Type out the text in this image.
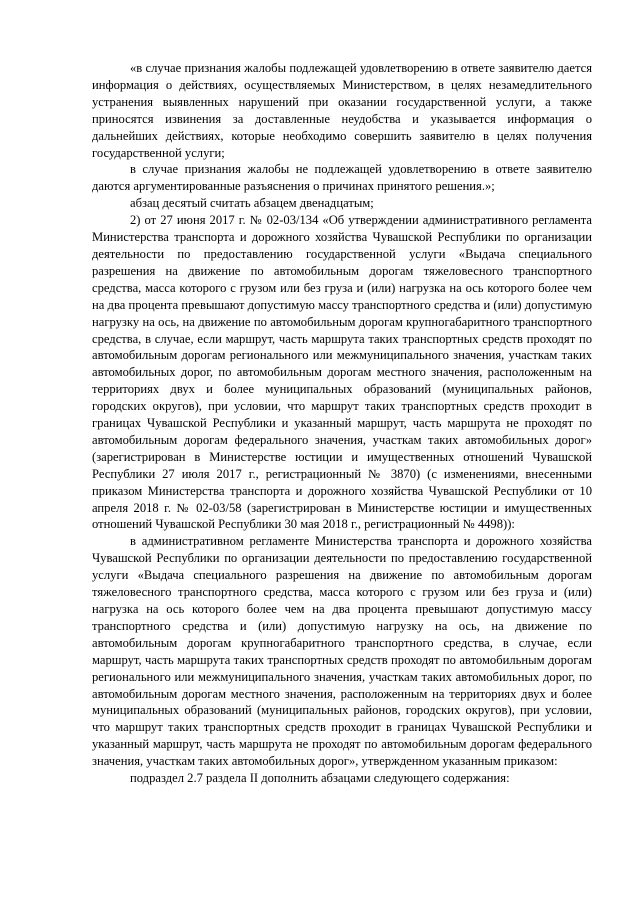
«в случае признания жалобы подлежащей удовлетворению в ответе заявителю дается информация о действиях, осуществляемых Министерством, в целях незамедлительного устранения выявленных нарушений при оказании государственной услуги, а также приносятся извинения за доставленные неудобства и указывается информация о дальнейших действиях, которые необходимо совершить заявителю в целях получения государственной услуги;

в случае признания жалобы не подлежащей удовлетворению в ответе заявителю даются аргументированные разъяснения о причинах принятого решения.»;

абзац десятый считать абзацем двенадцатым;

2) от 27 июня 2017 г. № 02-03/134 «Об утверждении административного регламента Министерства транспорта и дорожного хозяйства Чувашской Республики по организации деятельности по предоставлению государственной услуги «Выдача специального разрешения на движение по автомобильным дорогам тяжеловесного транспортного средства, масса которого с грузом или без груза и (или) нагрузка на ось которого более чем на два процента превышают допустимую массу транспортного средства и (или) допустимую нагрузку на ось, на движение по автомобильным дорогам крупногабаритного транспортного средства, в случае, если маршрут, часть маршрута таких транспортных средств проходят по автомобильным дорогам регионального или межмуниципального значения, участкам таких автомобильных дорог, по автомобильным дорогам местного значения, расположенным на территориях двух и более муниципальных образований (муниципальных районов, городских округов), при условии, что маршрут таких транспортных средств проходит в границах Чувашской Республики и указанный маршрут, часть маршрута не проходят по автомобильным дорогам федерального значения, участкам таких автомобильных дорог» (зарегистрирован в Министерстве юстиции и имущественных отношений Чувашской Республики 27 июля 2017 г., регистрационный № 3870) (с изменениями, внесенными приказом Министерства транспорта и дорожного хозяйства Чувашской Республики от 10 апреля 2018 г. № 02-03/58 (зарегистрирован в Министерстве юстиции и имущественных отношений Чувашской Республики 30 мая 2018 г., регистрационный № 4498)):

в административном регламенте Министерства транспорта и дорожного хозяйства Чувашской Республики по организации деятельности по предоставлению государственной услуги «Выдача специального разрешения на движение по автомобильным дорогам тяжеловесного транспортного средства, масса которого с грузом или без груза и (или) нагрузка на ось которого более чем на два процента превышают допустимую массу транспортного средства и (или) допустимую нагрузку на ось, на движение по автомобильным дорогам крупногабаритного транспортного средства, в случае, если маршрут, часть маршрута таких транспортных средств проходят по автомобильным дорогам регионального или межмуниципального значения, участкам таких автомобильных дорог, по автомобильным дорогам местного значения, расположенным на территориях двух и более муниципальных образований (муниципальных районов, городских округов), при условии, что маршрут таких транспортных средств проходит в границах Чувашской Республики и указанный маршрут, часть маршрута не проходят по автомобильным дорогам федерального значения, участкам таких автомобильных дорог», утвержденном указанным приказом:

подраздел 2.7 раздела II дополнить абзацами следующего содержания:
